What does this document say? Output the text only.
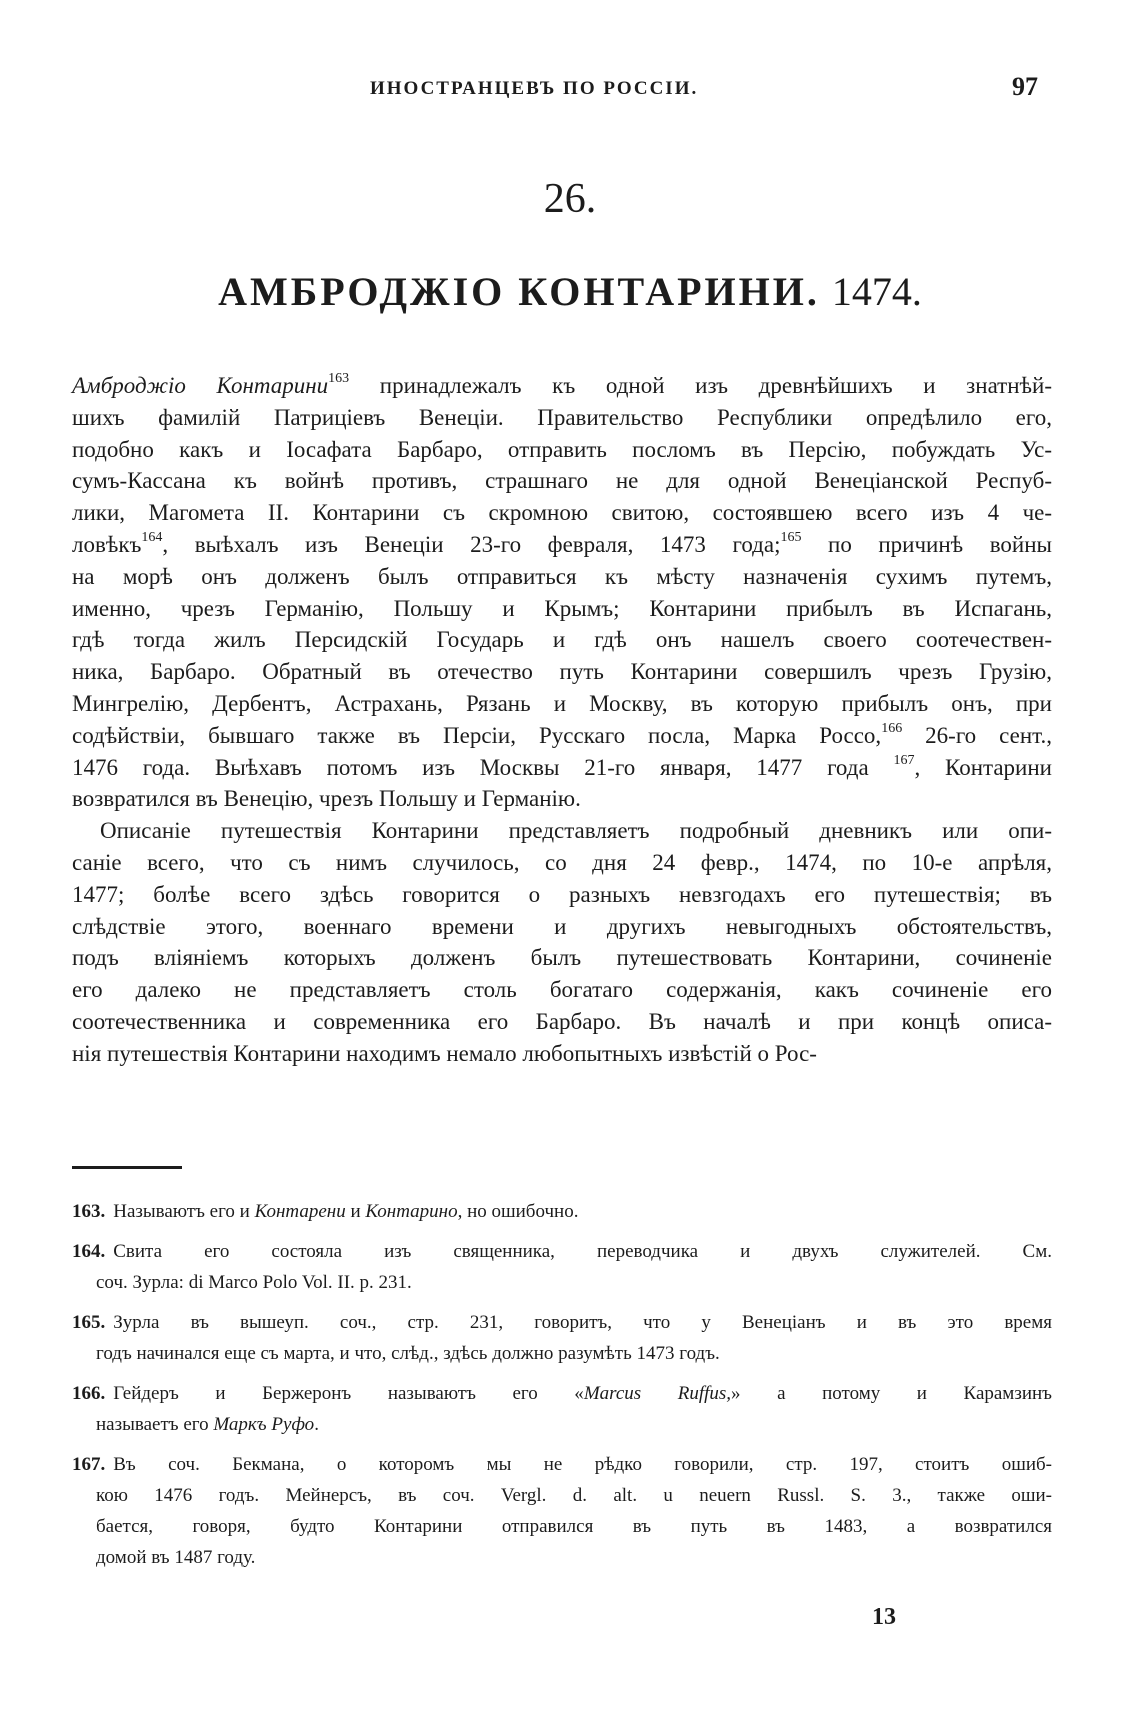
ИНОСТРАНЦЕВЪ ПО РОССІИ.	97
26.
АМБРОДЖІО КОНТАРИНИ. 1474.
Амброджіо Контарини$^{163}$ принадлежалъ къ одной изъ древнѣйшихъ и знатнѣй-
шихъ фамилій Патриціевъ Венеціи. Правительство Республики опредѣлило его,
подобно какъ и Іосафата Барбаро, отправить посломъ въ Персію, побуждать Ус-
сумъ-Кассана къ войнѣ противъ, страшнаго не для одной Венеціанской Респуб-
лики, Магомета ІІ. Контарини съ скромною свитою, состоявшею всего изъ 4 че-
ловѣкъ$^{164}$, выѣхалъ изъ Венеціи 23-го февраля, 1473 года;$^{165}$ по причинѣ войны
на морѣ онъ долженъ былъ отправиться къ мѣсту назначенія сухимъ путемъ,
именно, чрезъ Германію, Польшу и Крымъ; Контарини прибылъ въ Испагань,
гдѣ тогда жилъ Персидскій Государь и гдѣ онъ нашелъ своего соотечествен-
ника, Барбаро. Обратный въ отечество путь Контарини совершилъ чрезъ Грузію,
Мингрелію, Дербентъ, Астрахань, Рязань и Москву, въ которую прибылъ онъ, при
содѣйствіи, бывшаго также въ Персіи, Русскаго посла, Марка Россо,$^{166}$ 26-го сент.,
1476 года. Выѣхавъ потомъ изъ Москвы 21-го января, 1477 года $^{167}$, Контарини
возвратился въ Венецію, чрезъ Польшу и Германію.
Описаніе путешествія Контарини представляетъ подробный дневникъ или опи-
саніе всего, что съ нимъ случилось, со дня 24 февр., 1474, по 10-е апрѣля,
1477; болѣе всего здѣсь говорится о разныхъ невзгодахъ его путешествія; въ
слѣдствіе этого, военнаго времени и другихъ невыгодныхъ обстоятельствъ,
подъ вліяніемъ которыхъ долженъ былъ путешествовать Контарини, сочиненіе
его далеко не представляетъ столь богатаго содержанія, какъ сочиненіе его
соотечественника и современника его Барбаро. Въ началѣ и при концѣ описа-
нія путешествія Контарини находимъ немало любопытныхъ извѣстій о Рос-
163. Называютъ его и Контарени и Контарино, но ошибочно.
164. Свита его состояла изъ священника, переводчика и двухъ служителей. См.
соч. Зурла: di Marco Polo Vol. II. p. 231.
165. Зурла въ вышеуп. соч., стр. 231, говоритъ, что у Венеціанъ и въ это время
годъ начинался еще съ марта, и что, слѣд., здѣсь должно разумѣть 1473 годъ.
166. Гейдеръ и Бержеронъ называютъ его «Marcus Ruffus,» а потому и Карамзинъ
называетъ его Маркъ Руфо.
167. Въ соч. Бекмана, о которомъ мы не рѣдко говорили, стр. 197, стоитъ ошиб-
кою 1476 годъ. Мейнерсъ, въ соч. Vergl. d. alt. u neuern Russl. S. 3., также оши-
бается, говоря, будто Контарини отправился въ путь въ 1483, а возвратился
домой въ 1487 году.
13
